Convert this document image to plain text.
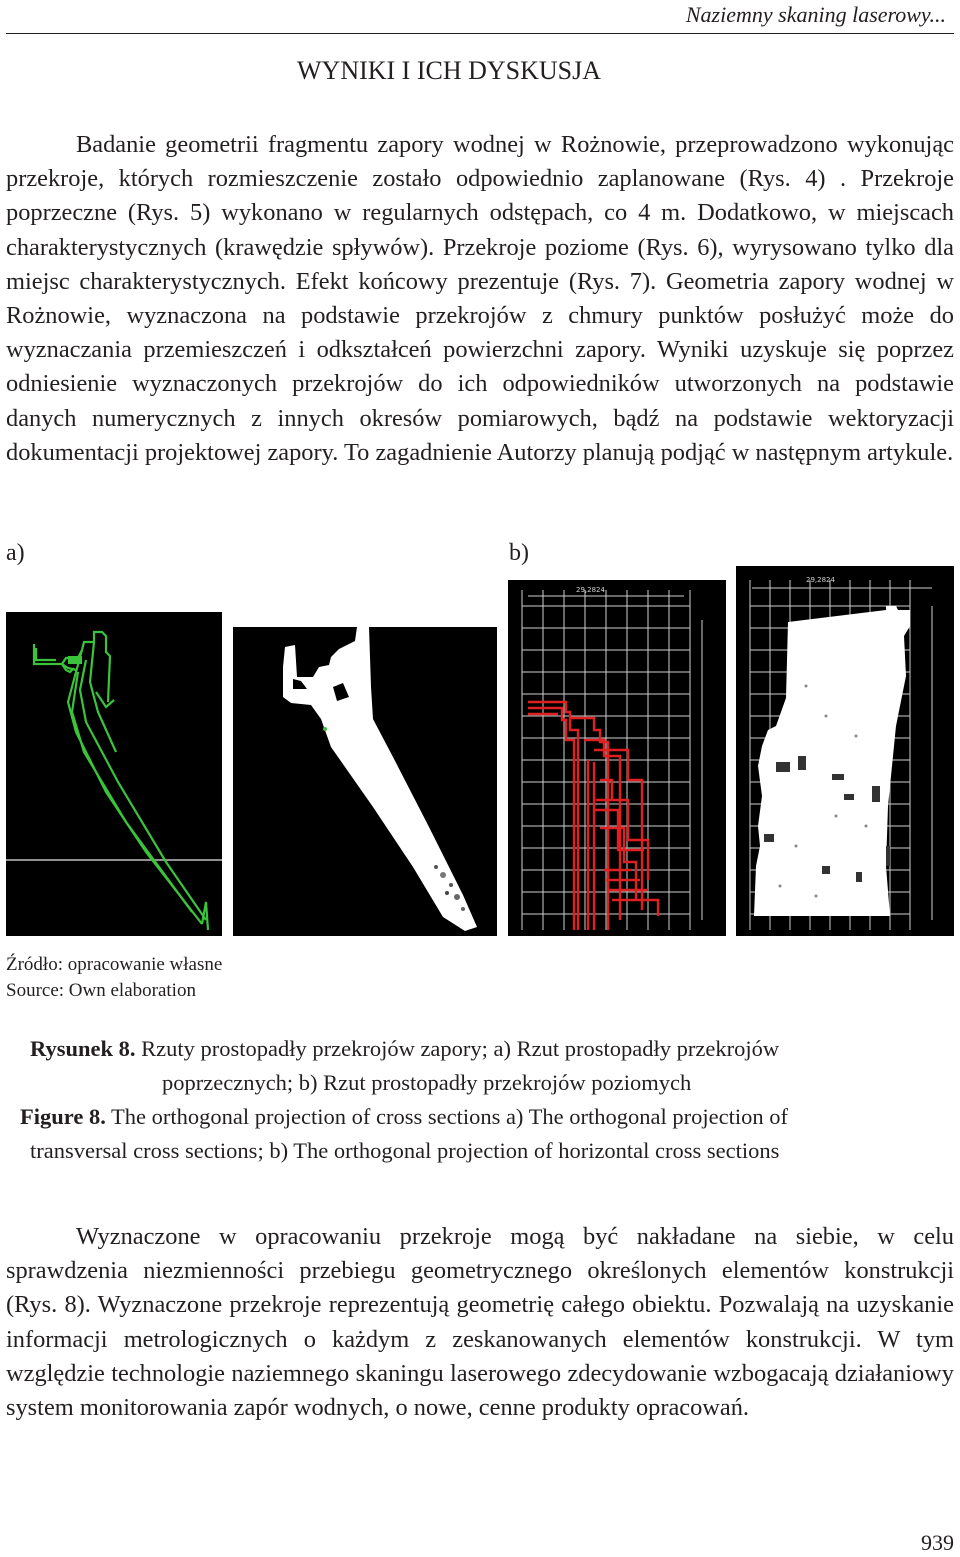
Naziemny skaning laserowy...
WYNIKI I ICH DYSKUSJA

Badanie geometrii fragmentu zapory wodnej w Rożnowie, przeprowadzono wykonując przekroje, których rozmieszczenie zostało odpowiednio zaplanowane (Rys. 4) . Przekroje poprzeczne (Rys. 5) wykonano w regularnych odstępach, co 4 m. Dodatkowo, w miejscach charakterystycznych (krawędzie spływów). Przekroje poziome (Rys. 6), wyrysowano tylko dla miejsc charakterystycznych. Efekt końcowy prezentuje (Rys. 7). Geometria zapory wodnej w Rożnowie, wyznaczona na podstawie przekrojów z chmury punktów posłużyć może do wyznaczania przemieszczeń i odkształceń powierzchni zapory. Wyniki uzyskuje się poprzez odniesienie wyznaczonych przekrojów do ich odpowiedników utworzonych na podstawie danych numerycznych z innych okresów pomiarowych, bądź na podstawie wektoryzacji dokumentacji projektowej zapory. To zagadnienie Autorzy planują podjąć w następnym artykule.

a)	b)
29,2824
29,2824
Źródło: opracowanie własne
Source: Own elaboration
Rysunek 8. Rzuty prostopadły przekrojów zapory; a) Rzut prostopadły przekrojów
poprzecznych; b) Rzut prostopadły przekrojów poziomych
Figure 8. The orthogonal projection of cross sections a) The orthogonal projection of
transversal cross sections; b) The orthogonal projection of horizontal cross sections

Wyznaczone w opracowaniu przekroje mogą być nakładane na siebie, w celu sprawdzenia niezmienności przebiegu geometrycznego określonych elementów konstrukcji (Rys. 8). Wyznaczone przekroje reprezentują geometrię całego obiektu. Pozwalają na uzyskanie informacji metrologicznych o każdym z zeskanowanych elementów konstrukcji. W tym względzie technologie naziemnego skaningu laserowego zdecydowanie wzbogacają działaniowy system monitorowania zapór wodnych, o nowe, cenne produkty opracowań.

939
